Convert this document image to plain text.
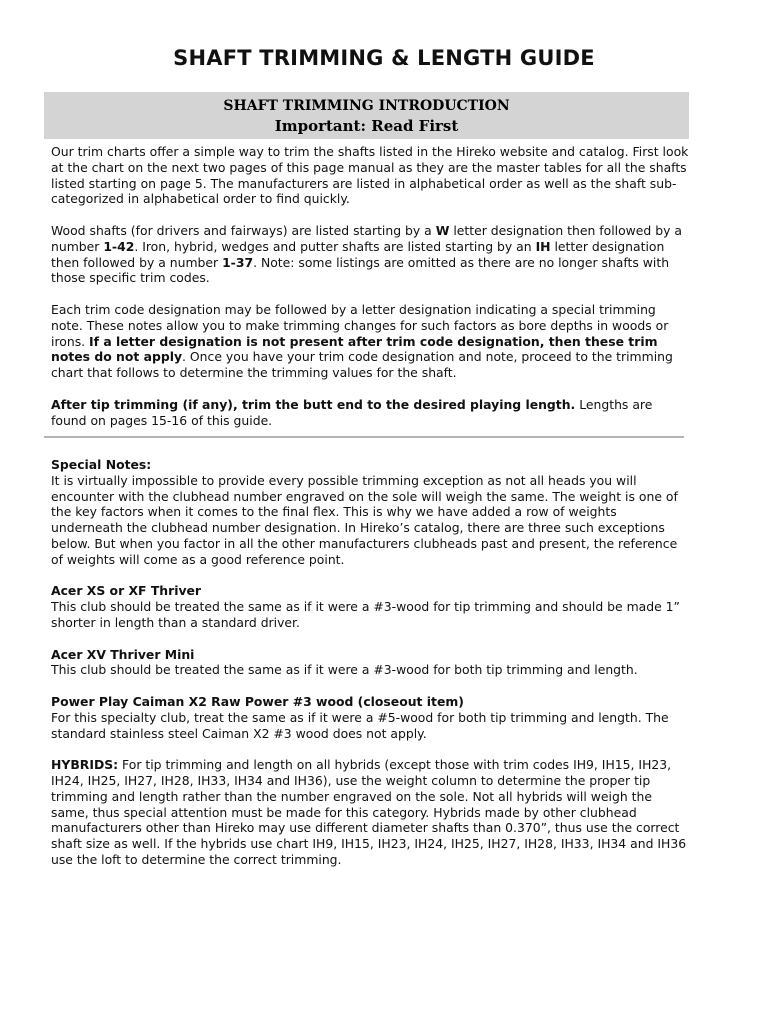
SHAFT TRIMMING & LENGTH GUIDE
SHAFT TRIMMING INTRODUCTION
Important: Read First

Our trim charts offer a simple way to trim the shafts listed in the Hireko website and catalog. First look at the chart on the next two pages of this page manual as they are the master tables for all the shafts listed starting on page 5. The manufacturers are listed in alphabetical order as well as the shaft sub-categorized in alphabetical order to find quickly.

Wood shafts (for drivers and fairways) are listed starting by a W letter designation then followed by a number 1-42. Iron, hybrid, wedges and putter shafts are listed starting by an IH letter designation then followed by a number 1-37. Note: some listings are omitted as there are no longer shafts with those specific trim codes.

Each trim code designation may be followed by a letter designation indicating a special trimming note. These notes allow you to make trimming changes for such factors as bore depths in woods or irons. If a letter designation is not present after trim code designation, then these trim notes do not apply. Once you have your trim code designation and note, proceed to the trimming chart that follows to determine the trimming values for the shaft.

After tip trimming (if any), trim the butt end to the desired playing length. Lengths are found on pages 15-16 of this guide.

Special Notes:

It is virtually impossible to provide every possible trimming exception as not all heads you will encounter with the clubhead number engraved on the sole will weigh the same. The weight is one of the key factors when it comes to the final flex. This is why we have added a row of weights underneath the clubhead number designation. In Hireko’s catalog, there are three such exceptions below. But when you factor in all the other manufacturers clubheads past and present, the reference of weights will come as a good reference point.

Acer XS or XF Thriver

This club should be treated the same as if it were a #3-wood for tip trimming and should be made 1” shorter in length than a standard driver.

Acer XV Thriver Mini

This club should be treated the same as if it were a #3-wood for both tip trimming and length.

Power Play Caiman X2 Raw Power #3 wood (closeout item)

For this specialty club, treat the same as if it were a #5-wood for both tip trimming and length. The standard stainless steel Caiman X2 #3 wood does not apply.

HYBRIDS: For tip trimming and length on all hybrids (except those with trim codes IH9, IH15, IH23, IH24, IH25, IH27, IH28, IH33, IH34 and IH36), use the weight column to determine the proper tip trimming and length rather than the number engraved on the sole. Not all hybrids will weigh the same, thus special attention must be made for this category. Hybrids made by other clubhead manufacturers other than Hireko may use different diameter shafts than 0.370”, thus use the correct shaft size as well. If the hybrids use chart IH9, IH15, IH23, IH24, IH25, IH27, IH28, IH33, IH34 and IH36 use the loft to determine the correct trimming.
